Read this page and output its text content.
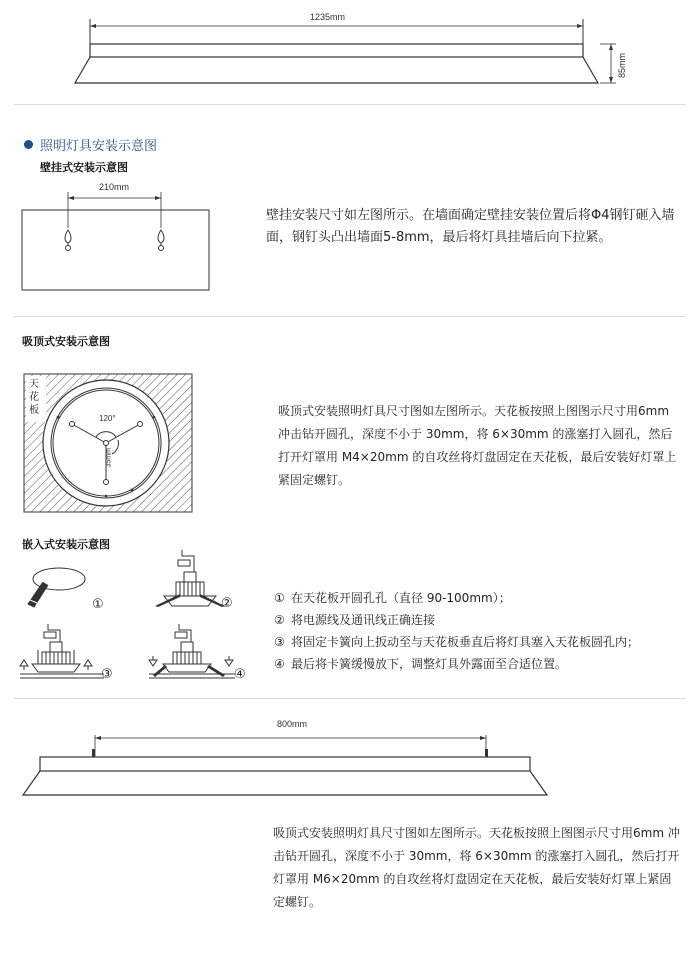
1235mm
85mm
照明灯具安装示意图
壁挂式安装示意图
210mm
壁挂安装尺寸如左图所示。在墙面确定壁挂安装位置后将Φ4钢钉砸入墙面，钢钉头凸出墙面5-8mm，最后将灯具挂墙后向下拉紧。
吸顶式安装示意图
天花板
120°
35mm
吸顶式安装照明灯具尺寸图如左图所示。天花板按照上图图示尺寸用6mm 冲击钻开圆孔，深度不小于 30mm，将 6×30mm 的涨塞打入圆孔，然后打开灯罩用 M4×20mm 的自攻丝将灯盘固定在天花板，最后安装好灯罩上紧固定螺钉。
嵌入式安装示意图
①	②
③	④
① 在天花板开圆孔孔（直径 90-100mm）；
② 将电源线及通讯线正确连接
③ 将固定卡簧向上扳动至与天花板垂直后将灯具塞入天花板圆孔内；
④ 最后将卡簧缓慢放下，调整灯具外露面至合适位置。
800mm
吸顶式安装照明灯具尺寸图如左图所示。天花板按照上图图示尺寸用6mm 冲击钻开圆孔，深度不小于 30mm，将 6×30mm 的涨塞打入圆孔，然后打开灯罩用 M6×20mm 的自攻丝将灯盘固定在天花板，最后安装好灯罩上紧固定螺钉。
